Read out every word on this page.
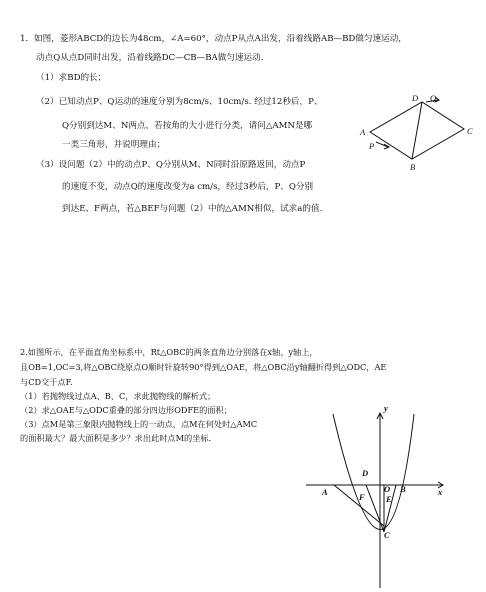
1．如图，菱形ABCD的边长为48cm，∠A=60°，动点P从点A出发，沿着线路AB—BD做匀速运动，
动点Q从点D同时出发，沿着线路DC—CB—BA做匀速运动.
（1）求BD的长；
（2）已知动点P、Q运动的速度分别为8cm/s、10cm/s. 经过12秒后，P、
Q分别到达M、N两点，若按角的大小进行分类，请问△AMN是哪
一类三角形，并说明理由；
（3）设问题（2）中的动点P、Q分别从M、N同时沿原路返回，动点P
的速度不变，动点Q的速度改变为a cm/s，经过3秒后，P、Q分别
到达E、F两点，若△BEF与问题（2）中的△AMN相似，试求a的值.
A
B
C
D Q
P
2.如图所示，在平面直角坐标系中，Rt△OBC的两条直角边分别落在x轴、y轴上，
且OB=1,OC=3,将△OBC绕原点O顺时针旋转90°得到△OAE，将△OBC沿y轴翻折得到△ODC，AE
与CD交于点F.
（1）若抛物线过点A、B、C，求此抛物线的解析式；
（2）求△OAE与△ODC重叠的部分四边形ODFE的面积；
（3）点M是第三象限内抛物线上的一动点，点M在何处时△AMC
的面积最大？最大面积是多少？求出此时点M的坐标.
y
x
A	B
C
D
E
F
O
